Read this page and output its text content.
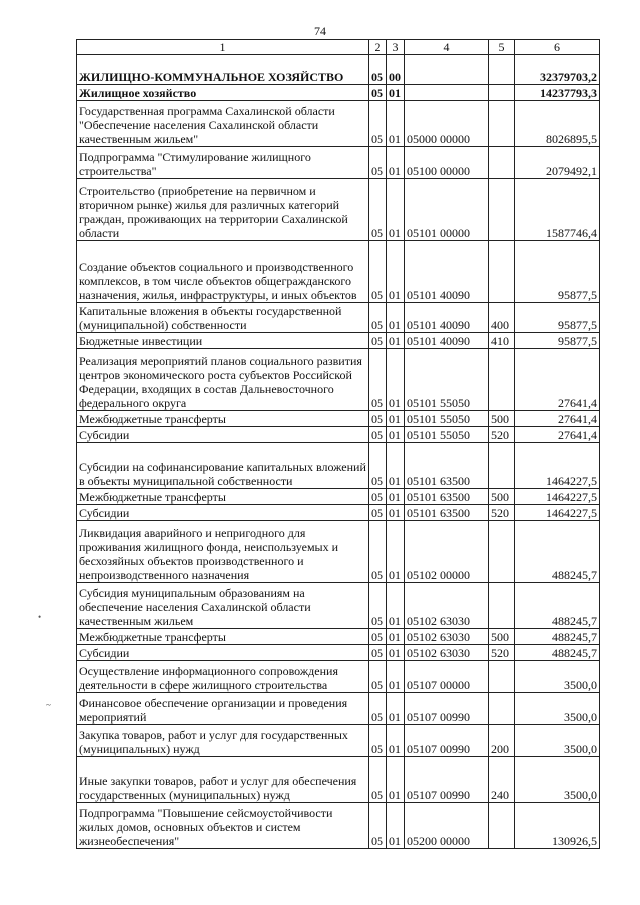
74
•
~
1	2	3	4	5	6
ЖИЛИЩНО-КОММУНАЛЬНОЕ ХОЗЯЙСТВО	05	00			32379703,2
Жилищное хозяйство	05	01			14237793,3
Государственная программа Сахалинской области "Обеспечение населения Сахалинской области качественным жильем"	05	01	05000 00000		8026895,5
Подпрограмма "Стимулирование жилищного строительства"	05	01	05100 00000		2079492,1
Строительство (приобретение на первичном и вторичном рынке) жилья для различных категорий граждан, проживающих на территории Сахалинской области	05	01	05101 00000		1587746,4
Создание объектов социального и производственного комплексов, в том числе объектов общегражданского назначения, жилья, инфраструктуры, и иных объектов	05	01	05101 40090		95877,5
Капитальные вложения в объекты государственной (муниципальной) собственности	05	01	05101 40090	400	95877,5
Бюджетные инвестиции	05	01	05101 40090	410	95877,5
Реализация мероприятий планов социального развития центров экономического роста субъектов Российской Федерации, входящих в состав Дальневосточного федерального округа	05	01	05101 55050		27641,4
Межбюджетные трансферты	05	01	05101 55050	500	27641,4
Субсидии	05	01	05101 55050	520	27641,4
Субсидии на софинансирование капитальных вложений в объекты муниципальной собственности	05	01	05101 63500		1464227,5
Межбюджетные трансферты	05	01	05101 63500	500	1464227,5
Субсидии	05	01	05101 63500	520	1464227,5
Ликвидация аварийного и непригодного для проживания жилищного фонда, неиспользуемых и бесхозяйных объектов производственного и непроизводственного назначения	05	01	05102 00000		488245,7
Субсидия муниципальным образованиям на обеспечение населения Сахалинской области качественным жильем	05	01	05102 63030		488245,7
Межбюджетные трансферты	05	01	05102 63030	500	488245,7
Субсидии	05	01	05102 63030	520	488245,7
Осуществление информационного сопровождения деятельности в сфере жилищного строительства	05	01	05107 00000		3500,0
Финансовое обеспечение организации и проведения мероприятий	05	01	05107 00990		3500,0
Закупка товаров, работ и услуг для государственных (муниципальных) нужд	05	01	05107 00990	200	3500,0
Иные закупки товаров, работ и услуг для обеспечения государственных (муниципальных) нужд	05	01	05107 00990	240	3500,0
Подпрограмма "Повышение сейсмоустойчивости жилых домов, основных объектов и систем жизнеобеспечения"	05	01	05200 00000		130926,5
